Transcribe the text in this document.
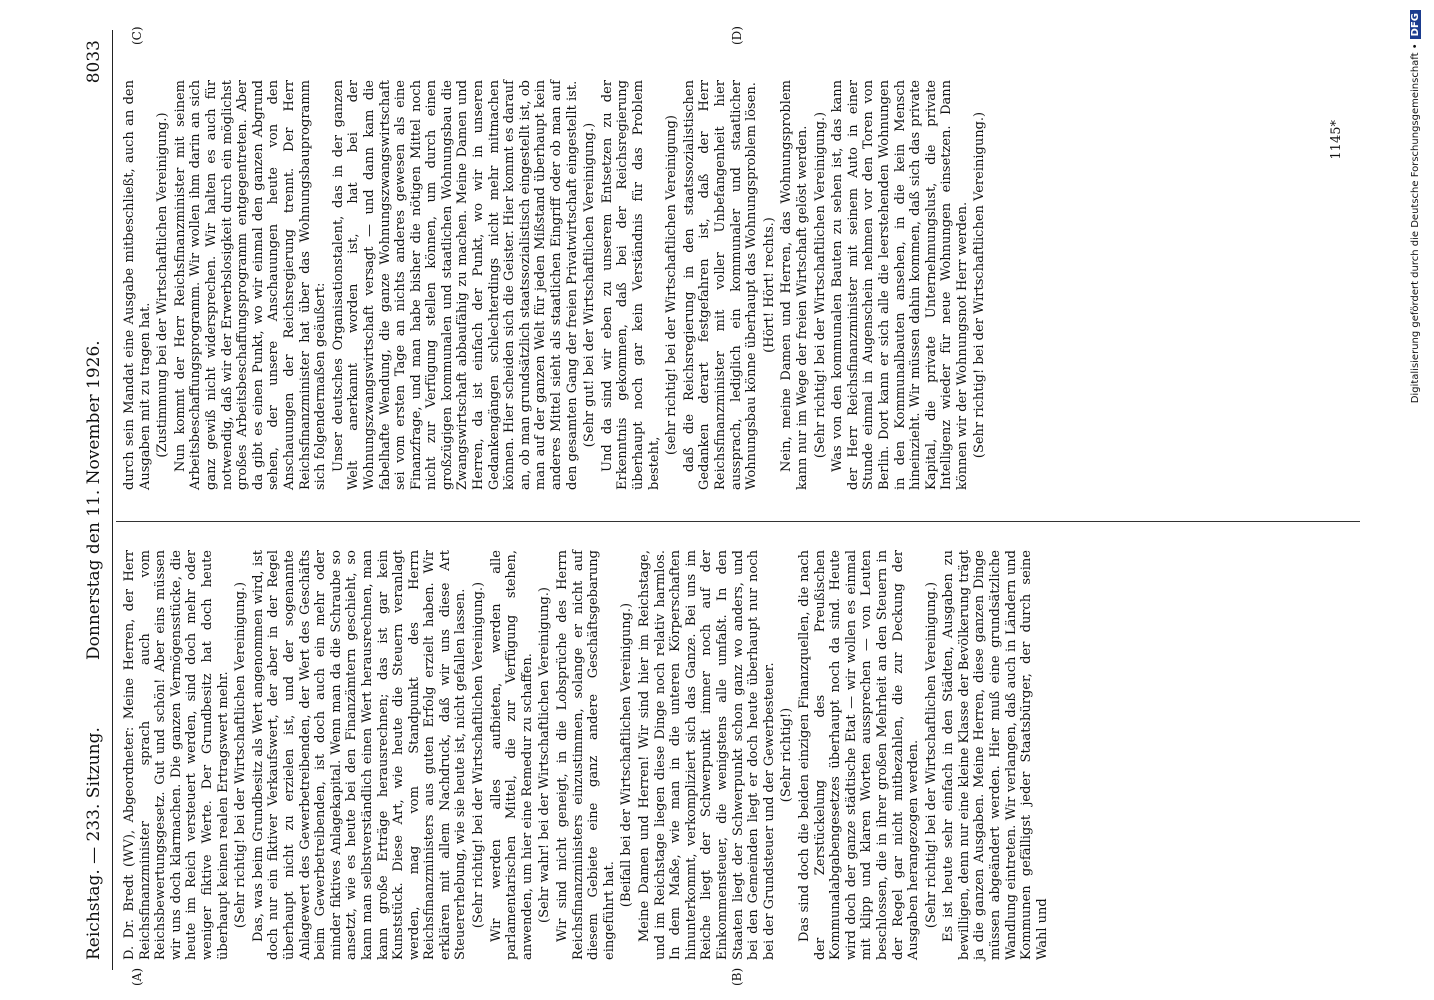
Reichstag. — 233. Sitzung.
Donnerstag den 11. November 1926.
8033
(A)	(B)
(C)	(D)

D. Dr. Bredt (WV), Abgeordneter: Meine Herren, der Herr Reichsfinanzminister sprach auch vom Reichsbewertungsgesetz. Gut und schön! Aber eins müssen wir uns doch klarmachen. Die ganzen Vermögensstücke, die heute im Reich versteuert werden, sind doch mehr oder weniger fiktive Werte. Der Grundbesitz hat doch heute überhaupt keinen realen Ertragswert mehr. (Sehr richtig! bei der Wirtschaftlichen Vereinigung.) Das, was beim Grundbesitz als Wert angenommen wird, ist doch nur ein fiktiver Verkaufswert, der aber in der Regel überhaupt nicht zu erzielen ist, und der sogenannte Anlagewert des Gewerbetreibenden, der Wert des Geschäfts beim Gewerbetreibenden, ist doch auch ein mehr oder minder fiktives Anlagekapital. Wenn man da die Schraube so ansetzt, wie es heute bei den Finanzämtern geschieht, so kann man selbstverständlich einen Wert herausrechnen, man kann große Erträge herausrechnen; das ist gar kein Kunststück. Diese Art, wie heute die Steuern veranlagt werden, mag vom Standpunkt des Herrn Reichsfinanzministers aus guten Erfolg erzielt haben. Wir erklären mit allem Nachdruck, daß wir uns diese Art Steuererhebung, wie sie heute ist, nicht gefallen lassen. (Sehr richtig! bei der Wirtschaftlichen Vereinigung.) Wir werden alles aufbieten, werden alle parlamentarischen Mittel, die zur Verfügung stehen, anwenden, um hier eine Remedur zu schaffen. (Sehr wahr! bei der Wirtschaftlichen Vereinigung.) Wir sind nicht geneigt, in die Lobsprüche des Herrn Reichsfinanzministers einzustimmen, solange er nicht auf diesem Gebiete eine ganz andere Geschäftsgebarung eingeführt hat.

(Beifall bei der Wirtschaftlichen Vereinigung.) Meine Damen und Herren! Wir sind hier im Reichstage, und im Reichstage liegen diese Dinge noch relativ harmlos. In dem Maße, wie man in die unteren Körperschaften hinunterkommt, verkompliziert sich das Ganze. Bei uns im Reiche liegt der Schwerpunkt immer noch auf der Einkommensteuer, die wenigstens alle umfaßt. In den Staaten liegt der Schwerpunkt schon ganz wo anders, und bei den Gemeinden liegt er doch heute überhaupt nur noch bei der Grundsteuer und der Gewerbesteuer. (Sehr richtig!) Das sind doch die beiden einzigen Finanzquellen, die nach der Zerstückelung des Preußischen Kommunalabgabengesetzes überhaupt noch da sind. Heute wird doch der ganze städtische Etat — wir wollen es einmal mit klipp und klaren Worten aussprechen — von Leuten beschlossen, die in ihrer großen Mehrheit an den Steuern in der Regel gar nicht mitbezahlen, die zur Deckung der Ausgaben herangezogen werden. (Sehr richtig! bei der Wirtschaftlichen Vereinigung.) Es ist heute sehr einfach in den Städten, Ausgaben zu bewilligen, denn nur eine kleine Klasse der Bevölkerung trägt ja die ganzen Ausgaben. Meine Herren, diese ganzen Dinge müssen abgeändert werden. Hier muß eine grundsätzliche Wandlung eintreten. Wir verlangen, daß auch in Ländern und Kommunen gefälligst jeder Staatsbürger, der durch seine Wahl und

durch sein Mandat eine Ausgabe mitbeschließt, auch an den Ausgaben mit zu tragen hat. (Zustimmung bei der Wirtschaftlichen Vereinigung.) Nun kommt der Herr Reichsfinanzminister mit seinem Arbeitsbeschaffungsprogramm. Wir wollen ihm darin an sich ganz gewiß nicht widersprechen. Wir halten es auch für notwendig, daß wir der Erwerbslosigkeit durch ein möglichst großes Arbeitsbeschaffungsprogramm entgegentreten. Aber da gibt es einen Punkt, wo wir einmal den ganzen Abgrund sehen, der unsere Anschauungen heute von den Anschauungen der Reichsregierung trennt. Der Herr Reichsfinanzminister hat über das Wohnungsbauprogramm sich folgendermaßen geäußert: Unser deutsches Organisationstalent, das in der ganzen Welt anerkannt worden ist, hat bei der Wohnungszwangswirtschaft versagt — und dann kam die fabelhafte Wendung, die ganze Wohnungszwangswirtschaft sei vom ersten Tage an nichts anderes gewesen als eine Finanzfrage, und man habe bisher die nötigen Mittel noch nicht zur Verfügung stellen können, um durch einen großzügigen kommunalen und staatlichen Wohnungsbau die Zwangswirtschaft abbaufähig zu machen. Meine Damen und Herren, da ist einfach der Punkt, wo wir in unseren Gedankengängen schlechterdings nicht mehr mitmachen können. Hier scheiden sich die Geister. Hier kommt es darauf an, ob man grundsätzlich staatssozialistisch eingestellt ist, ob man auf der ganzen Welt für jeden Mißstand überhaupt kein anderes Mittel sieht als staatlichen Eingriff oder ob man auf den gesamten Gang der freien Privatwirtschaft eingestellt ist. (Sehr gut! bei der Wirtschaftlichen Vereinigung.) Und da sind wir eben zu unserem Entsetzen zu der Erkenntnis gekommen, daß bei der Reichsregierung überhaupt noch gar kein Verständnis für das Problem besteht,

(sehr richtig! bei der Wirtschaftlichen Vereinigung) daß die Reichsregierung in den staatssozialistischen Gedanken derart festgefahren ist, daß der Herr Reichsfinanzminister mit voller Unbefangenheit hier aussprach, lediglich ein kommunaler und staatlicher Wohnungsbau könne überhaupt das Wohnungsproblem lösen. (Hört! Hört! rechts.) Nein, meine Damen und Herren, das Wohnungsproblem kann nur im Wege der freien Wirtschaft gelöst werden. (Sehr richtig! bei der Wirtschaftlichen Vereinigung.) Was von den kommunalen Bauten zu sehen ist, das kann der Herr Reichsfinanzminister mit seinem Auto in einer Stunde einmal in Augenschein nehmen vor den Toren von Berlin. Dort kann er sich alle die leerstehenden Wohnungen in den Kommunalbauten ansehen, in die kein Mensch hineinzieht. Wir müssen dahin kommen, daß sich das private Kapital, die private Unternehmungslust, die private Intelligenz wieder für neue Wohnungen einsetzen. Dann können wir der Wohnungsnot Herr werden. (Sehr richtig! bei der Wirtschaftlichen Vereinigung.)	1145*	Digitalisierung gefördert durch die Deutsche Forschungsgemeinschaft •DFG
